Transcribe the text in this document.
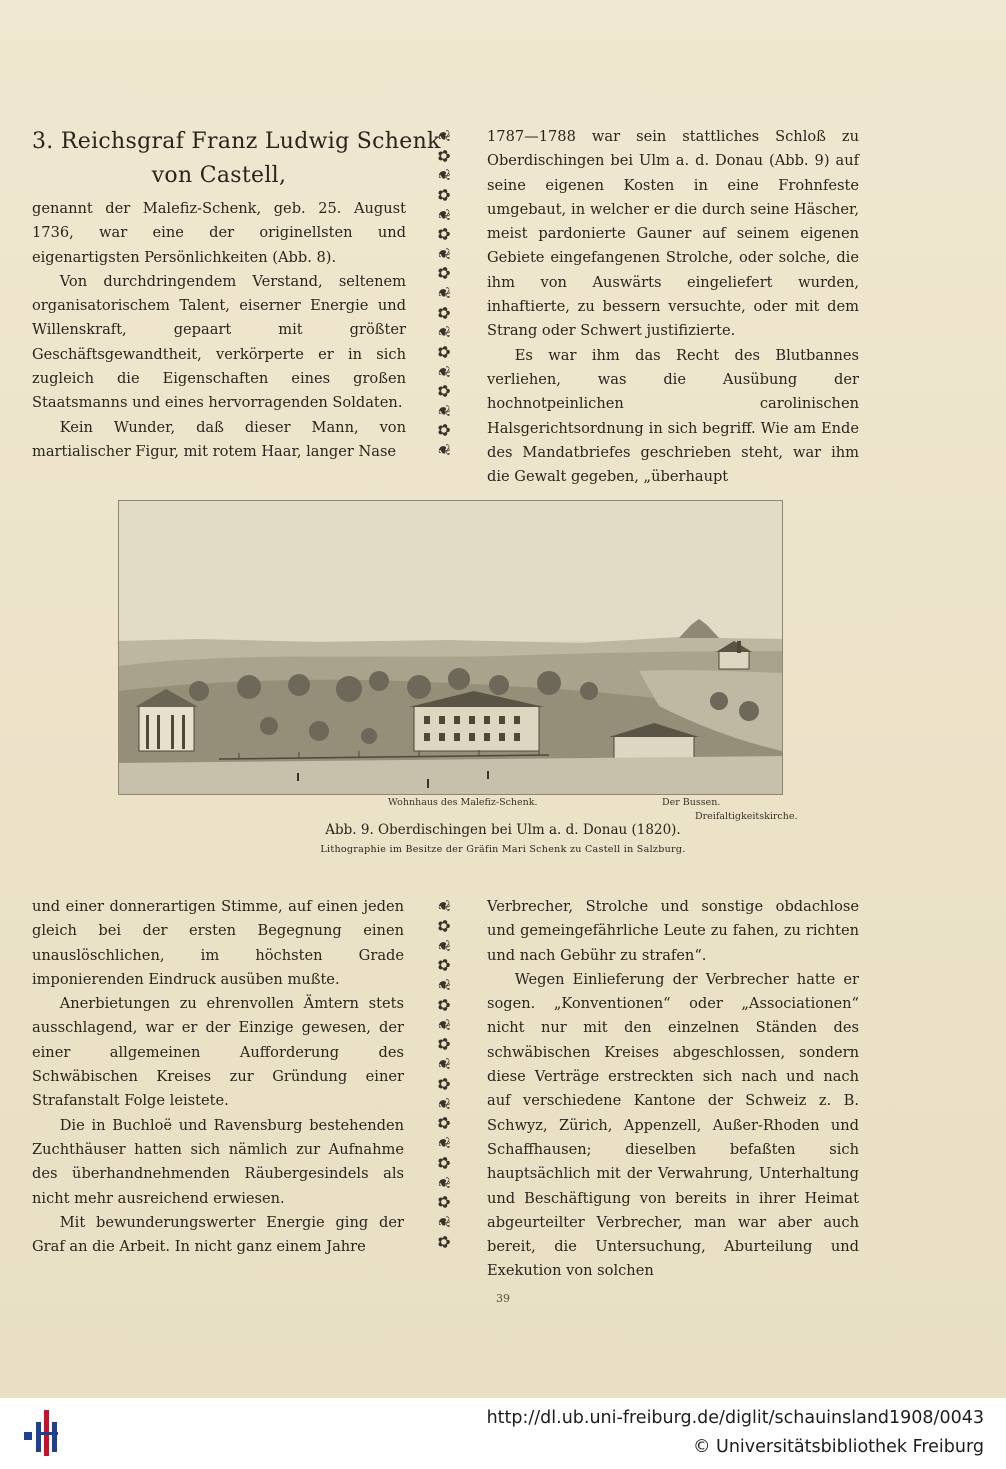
3. Reichsgraf Franz Ludwig Schenk
von Castell,

genannt der Malefiz-Schenk, geb. 25. August 1736, war eine der originellsten und eigenartigsten Persönlichkeiten (Abb. 8).

Von durchdringendem Verstand, seltenem organisatorischem Talent, eiserner Energie und Willenskraft, gepaart mit größter Geschäftsgewandtheit, verkörperte er in sich zugleich die Eigenschaften eines großen Staatsmanns und eines hervorragenden Soldaten.

Kein Wunder, daß dieser Mann, von martialischer Figur, mit rotem Haar, langer Nase

❦
✿
❦
✿
❦
✿
❦
✿
❦
✿
❦
✿
❦
✿
❦
✿
❦

1787—1788 war sein stattliches Schloß zu Oberdischingen bei Ulm a. d. Donau (Abb. 9) auf seine eigenen Kosten in eine Frohnfeste umgebaut, in welcher er die durch seine Häscher, meist pardonierte Gauner auf seinem eigenen Gebiete eingefangenen Strolche, oder solche, die ihm von Auswärts eingeliefert wurden, inhaftierte, zu bessern versuchte, oder mit dem Strang oder Schwert justifizierte.

Es war ihm das Recht des Blutbannes verliehen, was die Ausübung der hochnotpeinlichen carolinischen Halsgerichtsordnung in sich begriff. Wie am Ende des Mandatbriefes geschrieben steht, war ihm die Gewalt gegeben, „überhaupt

Wohnhaus des Malefiz-Schenk.	Der Bussen.
Dreifaltigkeitskirche.
Abb. 9. Oberdischingen bei Ulm a. d. Donau (1820).
Lithographie im Besitze der Gräfin Mari Schenk zu Castell in Salzburg.

und einer donnerartigen Stimme, auf einen jeden gleich bei der ersten Begegnung einen unauslöschlichen, im höchsten Grade imponierenden Eindruck ausüben mußte.

Anerbietungen zu ehrenvollen Ämtern stets ausschlagend, war er der Einzige gewesen, der einer allgemeinen Aufforderung des Schwäbischen Kreises zur Gründung einer Strafanstalt Folge leistete.

Die in Buchloë und Ravensburg bestehenden Zuchthäuser hatten sich nämlich zur Aufnahme des überhandnehmenden Räubergesindels als nicht mehr ausreichend erwiesen.

Mit bewunderungswerter Energie ging der Graf an die Arbeit. In nicht ganz einem Jahre

❦
✿
❦
✿
❦
✿
❦
✿
❦
✿
❦
✿
❦
✿
❦
✿
❦
✿

Verbrecher, Strolche und sonstige obdachlose und gemeingefährliche Leute zu fahen, zu richten und nach Gebühr zu strafen“.

Wegen Einlieferung der Verbrecher hatte er sogen. „Konventionen“ oder „Associationen“ nicht nur mit den einzelnen Ständen des schwäbischen Kreises abgeschlossen, sondern diese Verträge erstreckten sich nach und nach auf verschiedene Kantone der Schweiz z. B. Schwyz, Zürich, Appenzell, Außer-Rhoden und Schaffhausen; dieselben befaßten sich hauptsächlich mit der Verwahrung, Unterhaltung und Beschäftigung von bereits in ihrer Heimat abgeurteilter Verbrecher, man war aber auch bereit, die Untersuchung, Aburteilung und Exekution von solchen

39
http://dl.ub.uni-freiburg.de/diglit/schauinsland1908/0043
© Universitätsbibliothek Freiburg
